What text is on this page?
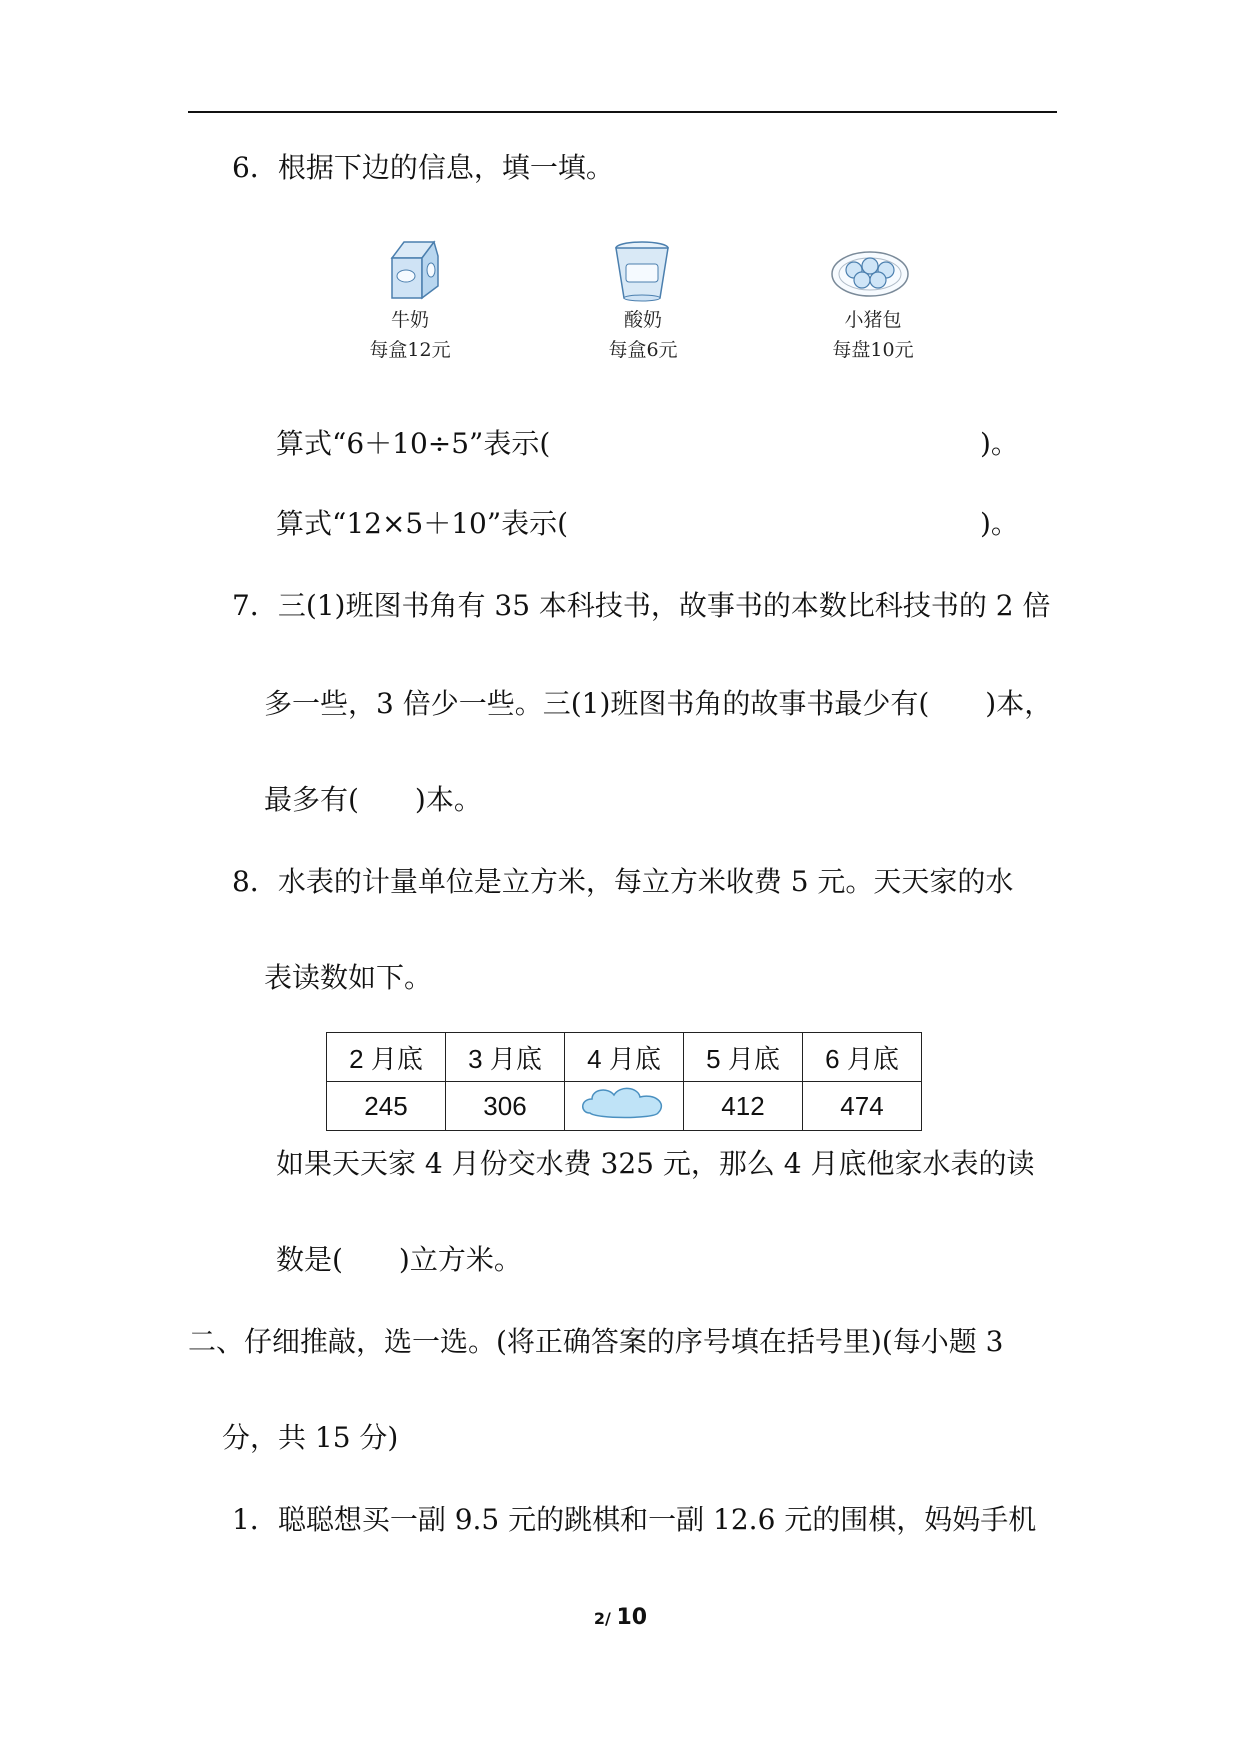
6．根据下边的信息，填一填。
牛奶
每盒12元
酸奶
每盒6元
小猪包
每盘10元
算式“6＋10÷5”表示(	)。
算式“12×5＋10”表示(	)。
7．三(1)班图书角有 35 本科技书，故事书的本数比科技书的 2 倍
多一些，3 倍少一些。三(1)班图书角的故事书最少有(　　)本，
最多有(　　)本。
8．水表的计量单位是立方米，每立方米收费 5 元。天天家的水
表读数如下。
2 月底	3 月底	4 月底	5 月底	6 月底
245	306		412	474
如果天天家 4 月份交水费 325 元，那么 4 月底他家水表的读
数是(　　)立方米。
二、仔细推敲，选一选。(将正确答案的序号填在括号里)(每小题 3
分，共 15 分)
1．聪聪想买一副 9.5 元的跳棋和一副 12.6 元的围棋，妈妈手机
2/ 10
